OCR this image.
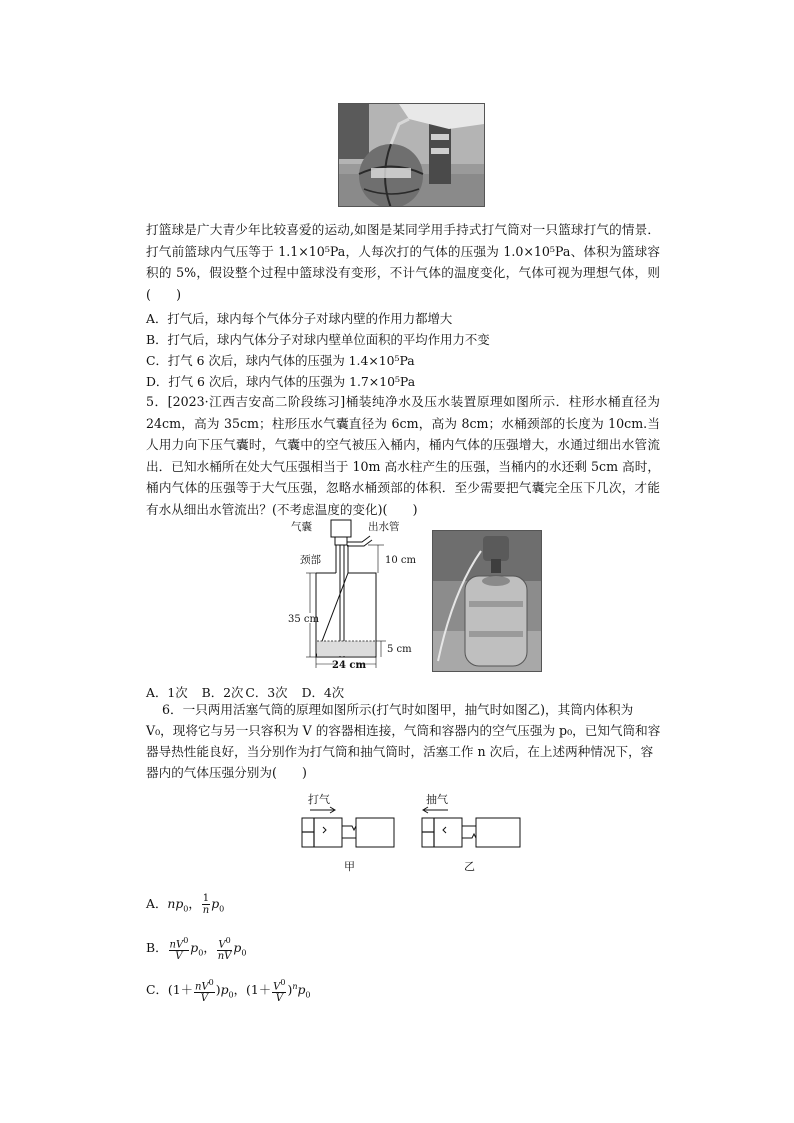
打篮球是广大青少年比较喜爱的运动,如图是某同学用手持式打气筒对一只篮球打气的情景．打气前篮球内气压等于 1.1×10⁵Pa，人每次打的气体的压强为 1.0×10⁵Pa、体积为篮球容积的 5%，假设整个过程中篮球没有变形，不计气体的温度变化，气体可视为理想气体，则(　　)

A．打气后，球内每个气体分子对球内壁的作用力都增大
B．打气后，球内气体分子对球内壁单位面积的平均作用力不变
C．打气 6 次后，球内气体的压强为 1.4×10⁵Pa
D．打气 6 次后，球内气体的压强为 1.7×10⁵Pa

5．[2023·江西吉安高二阶段练习]桶装纯净水及压水装置原理如图所示．柱形水桶直径为 24cm，高为 35cm；柱形压水气囊直径为 6cm，高为 8cm；水桶颈部的长度为 10cm.当人用力向下压气囊时，气囊中的空气被压入桶内，桶内气体的压强增大，水通过细出水管流出．已知水桶所在处大气压强相当于 10m 高水柱产生的压强，当桶内的水还剩 5cm 高时，桶内气体的压强等于大气压强，忽略水桶颈部的体积．至少需要把气囊完全压下几次，才能有水从细出水管流出？(不考虑温度的变化)(　　)

气囊	出水管
颈部	10 cm
35 cm
5 cm
24 cm
A．1次 B．2次 C．3次 D．4次
6．一只两用活塞气筒的原理如图所示(打气时如图甲，抽气时如图乙)，其筒内体积为
V₀，现将它与另一只容积为 V 的容器相连接，气筒和容器内的空气压强为 p₀，已知气筒和容
器导热性能良好，当分别作为打气筒和抽气筒时，活塞工作 n 次后，在上述两种情况下，容
器内的气体压强分别为(　　)
打气
甲
抽气
乙
A．$np_0$， $\frac{1}{n} p_0$
B． $\frac{nV^0}{V} p_0$， $\frac{V^0}{nV} p_0$
C．$(1+ \frac{nV^0}{V} )p_0$，$(1+ \frac{V^0}{V} )^np_0$
